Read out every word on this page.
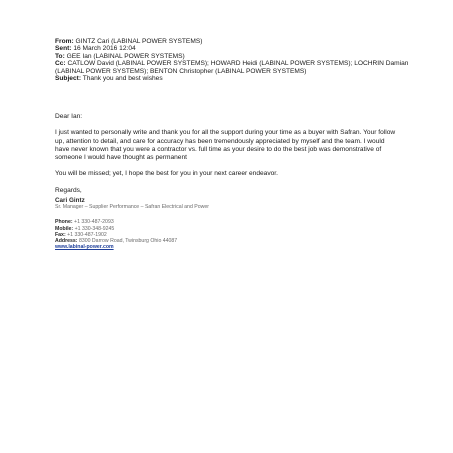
From: GINTZ Cari (LABINAL POWER SYSTEMS)
Sent: 16 March 2016 12:04
To: GEE Ian (LABINAL POWER SYSTEMS)
Cc: CATLOW David (LABINAL POWER SYSTEMS); HOWARD Heidi (LABINAL POWER SYSTEMS); LOCHRIN Damian (LABINAL POWER SYSTEMS); BENTON Christopher (LABINAL POWER SYSTEMS)
Subject: Thank you and best wishes

Dear Ian:

I just wanted to personally write and thank you for all the support during your time as a buyer with Safran. Your follow up, attention to detail, and care for accuracy has been tremendously appreciated by myself and the team. I would have never known that you were a contractor vs. full time as your desire to do the best job was demonstrative of someone I would have thought as permanent

You will be missed; yet, I hope the best for you in your next career endeavor.

Regards,

Cari Gintz
Sr. Manager – Supplier Performance – Safran Electrical and Power
Phone: +1 330-487-2093
Mobile: +1 330-348-9245
Fax: +1 330-487-1902
Address: 8300 Darrow Road, Twinsburg Ohio 44087
www.labinal-power.com
